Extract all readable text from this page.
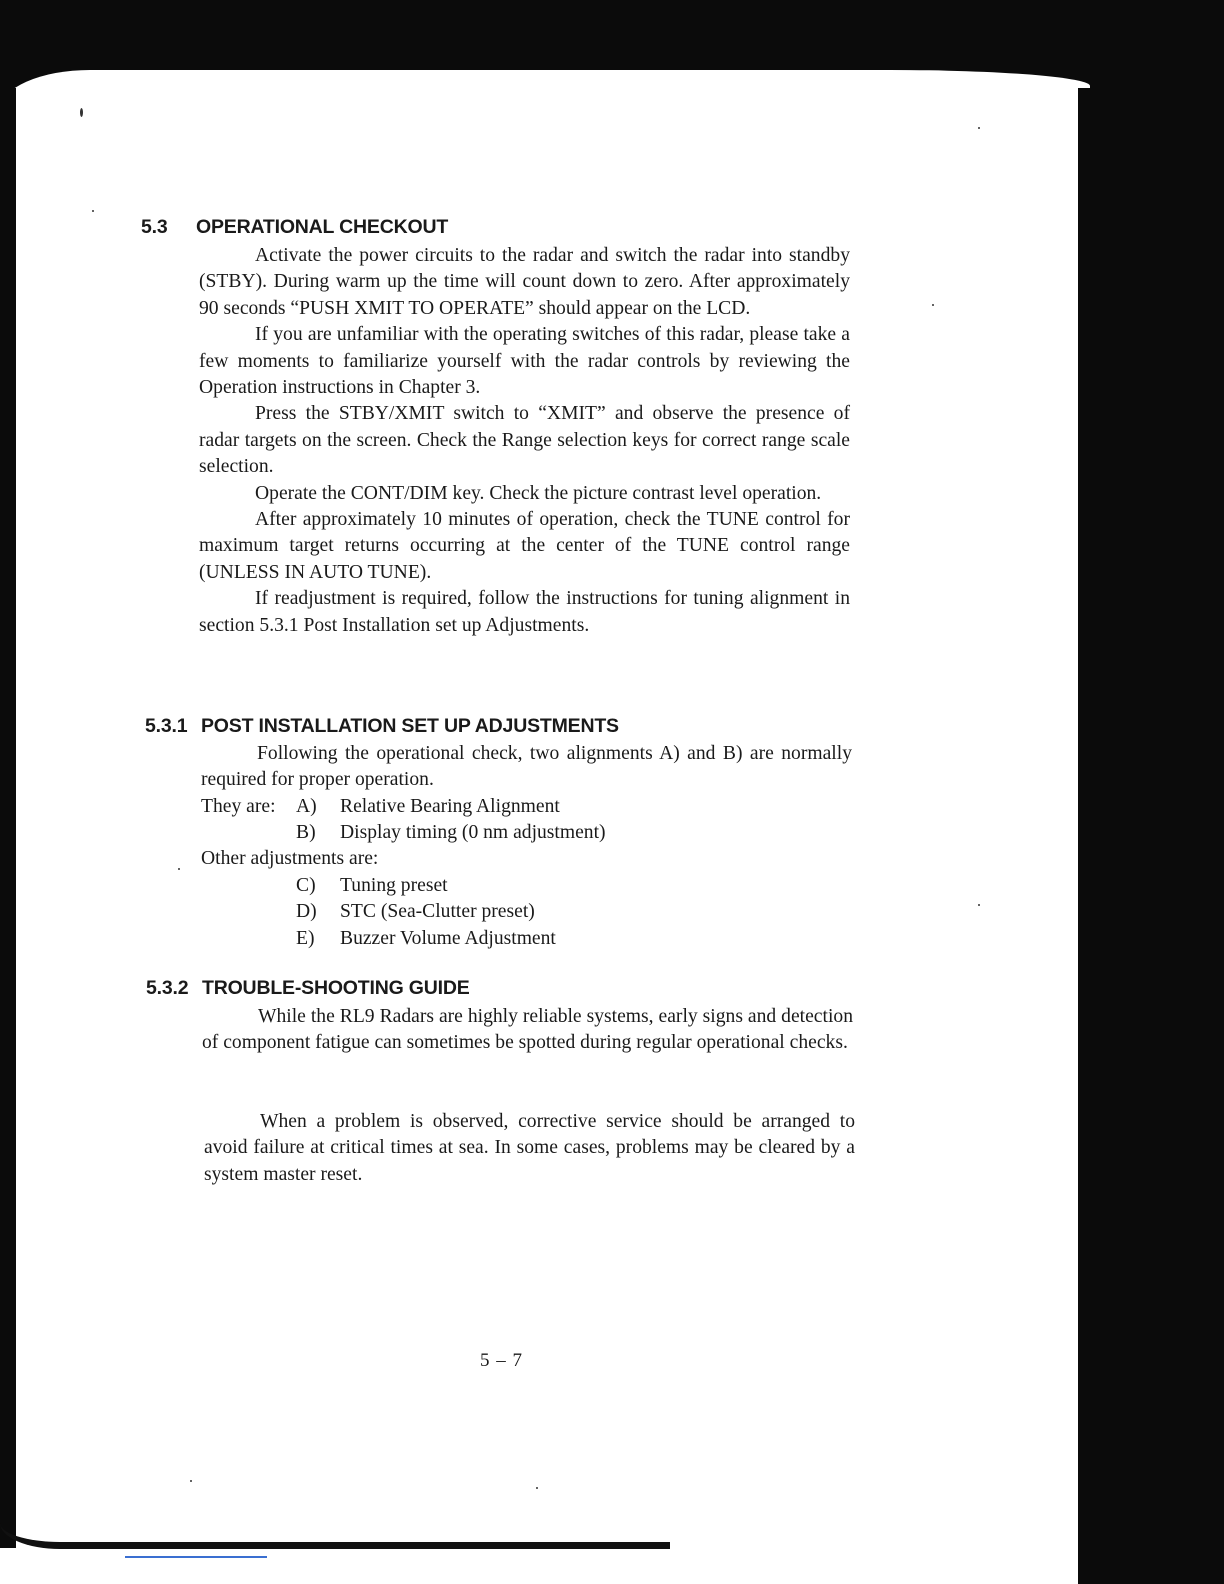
5.3 OPERATIONAL CHECKOUT

Activate the power circuits to the radar and switch the radar into standby (STBY). During warm up the time will count down to zero. After approximately 90 seconds “PUSH XMIT TO OPERATE” should appear on the LCD.

If you are unfamiliar with the operating switches of this radar, please take a few moments to familiarize yourself with the radar controls by reviewing the Operation instructions in Chapter 3.

Press the STBY/XMIT switch to “XMIT” and observe the presence of radar targets on the screen. Check the Range selection keys for correct range scale selection.

Operate the CONT/DIM key. Check the picture contrast level operation.

After approximately 10 minutes of operation, check the TUNE control for maximum target returns occurring at the center of the TUNE control range (UNLESS IN AUTO TUNE).

If readjustment is required, follow the instructions for tuning alignment in section 5.3.1 Post Installation set up Adjustments.

5.3.1 POST INSTALLATION SET UP ADJUSTMENTS

Following the operational check, two alignments A) and B) are normally required for proper operation.

They are: A) Relative Bearing Alignment
B) Display timing (0 nm adjustment)
Other adjustments are:
C) Tuning preset
D) STC (Sea-Clutter preset)
E) Buzzer Volume Adjustment
5.3.2 TROUBLE-SHOOTING GUIDE

While the RL9 Radars are highly reliable systems, early signs and detection of component fatigue can sometimes be spotted during regular operational checks.

When a problem is observed, corrective service should be arranged to avoid failure at critical times at sea. In some cases, problems may be cleared by a system master reset.

5 – 7
